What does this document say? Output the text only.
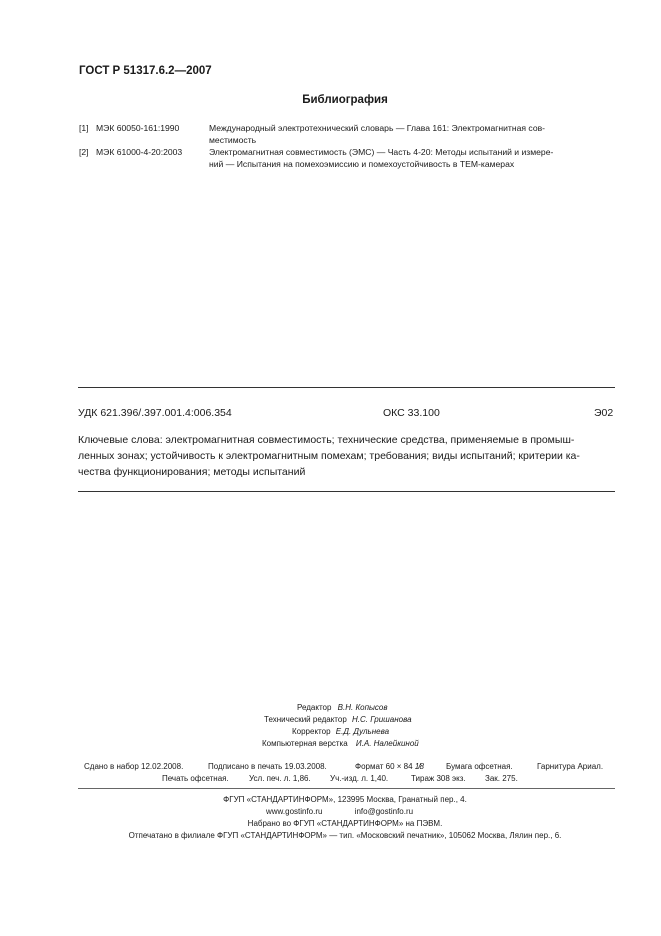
ГОСТ Р 51317.6.2—2007
Библиография
[1] МЭК 60050-161:1990	Международный электротехнический словарь — Глава 161: Электромагнитная сов-
местимость
[2] МЭК 61000-4-20:2003	Электромагнитная совместимость (ЭМС) — Часть 4-20: Методы испытаний и измере-
ний — Испытания на помехоэмиссию и помехоустойчивость в ТЕМ-камерах
УДК 621.396/.397.001.4:006.354	ОКС 33.100	Э02
Ключевые слова: электромагнитная совместимость; технические средства, применяемые в промыш-
ленных зонах; устойчивость к электромагнитным помехам; требования; виды испытаний; критерии ка-
чества функционирования; методы испытаний
Редактор В.Н. Копысов
Технический редактор Н.С. Гришанова
Корректор Е.Д. Дульнева
Компьютерная верстка И.А. Налейкиной
Сдано в набор 12.02.2008.	Подписано в печать 19.03.2008.	Формат 60 × 84 1/8	Бумага офсетная.	Гарнитура Ариал.
Печать офсетная.	Усл. печ. л. 1,86. Уч.-изд. л. 1,40.	Тираж 308 экз. Зак. 275.
ФГУП «СТАНДАРТИНФОРМ», 123995 Москва, Гранатный пер., 4.
www.gostinfo.ru	info@gostinfo.ru
Набрано во ФГУП «СТАНДАРТИНФОРМ» на ПЭВМ.
Отпечатано в филиале ФГУП «СТАНДАРТИНФОРМ» — тип. «Московский печатник», 105062 Москва, Лялин пер., 6.
